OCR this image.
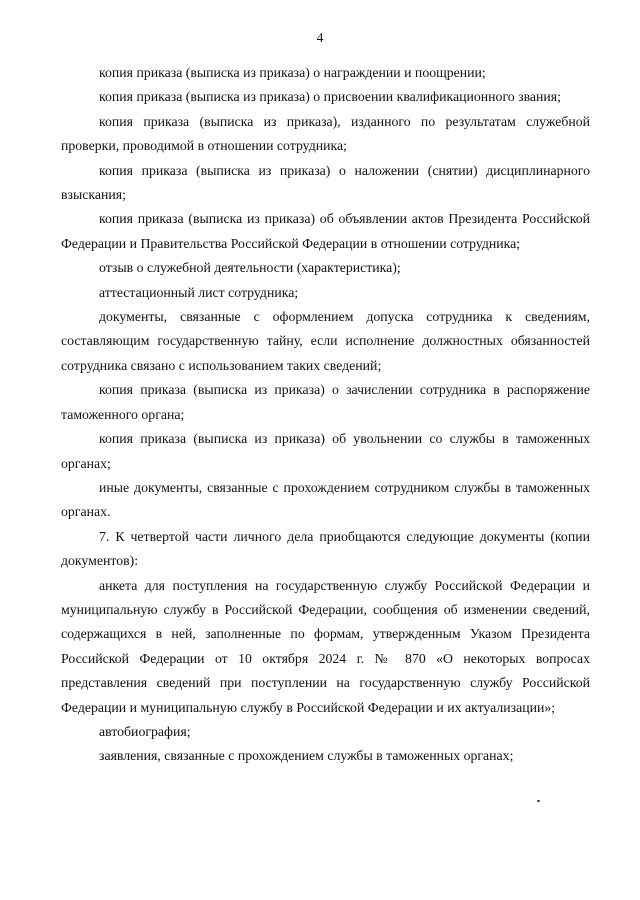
4

копия приказа (выписка из приказа) о награждении и поощрении;

копия приказа (выписка из приказа) о присвоении квалификационного звания;

копия приказа (выписка из приказа), изданного по результатам служебной проверки, проводимой в отношении сотрудника;

копия приказа (выписка из приказа) о наложении (снятии) дисциплинарного взыскания;

копия приказа (выписка из приказа) об объявлении актов Президента Российской Федерации и Правительства Российской Федерации в отношении сотрудника;

отзыв о служебной деятельности (характеристика);

аттестационный лист сотрудника;

документы, связанные с оформлением допуска сотрудника к сведениям, составляющим государственную тайну, если исполнение должностных обязанностей сотрудника связано с использованием таких сведений;

копия приказа (выписка из приказа) о зачислении сотрудника в распоряжение таможенного органа;

копия приказа (выписка из приказа) об увольнении со службы в таможенных органах;

иные документы, связанные с прохождением сотрудником службы в таможенных органах.

7. К четвертой части личного дела приобщаются следующие документы (копии документов):

анкета для поступления на государственную службу Российской Федерации и муниципальную службу в Российской Федерации, сообщения об изменении сведений, содержащихся в ней, заполненные по формам, утвержденным Указом Президента Российской Федерации от 10 октября 2024 г. № 870 «О некоторых вопросах представления сведений при поступлении на государственную службу Российской Федерации и муниципальную службу в Российской Федерации и их актуализации»;

автобиография;

заявления, связанные с прохождением службы в таможенных органах;
